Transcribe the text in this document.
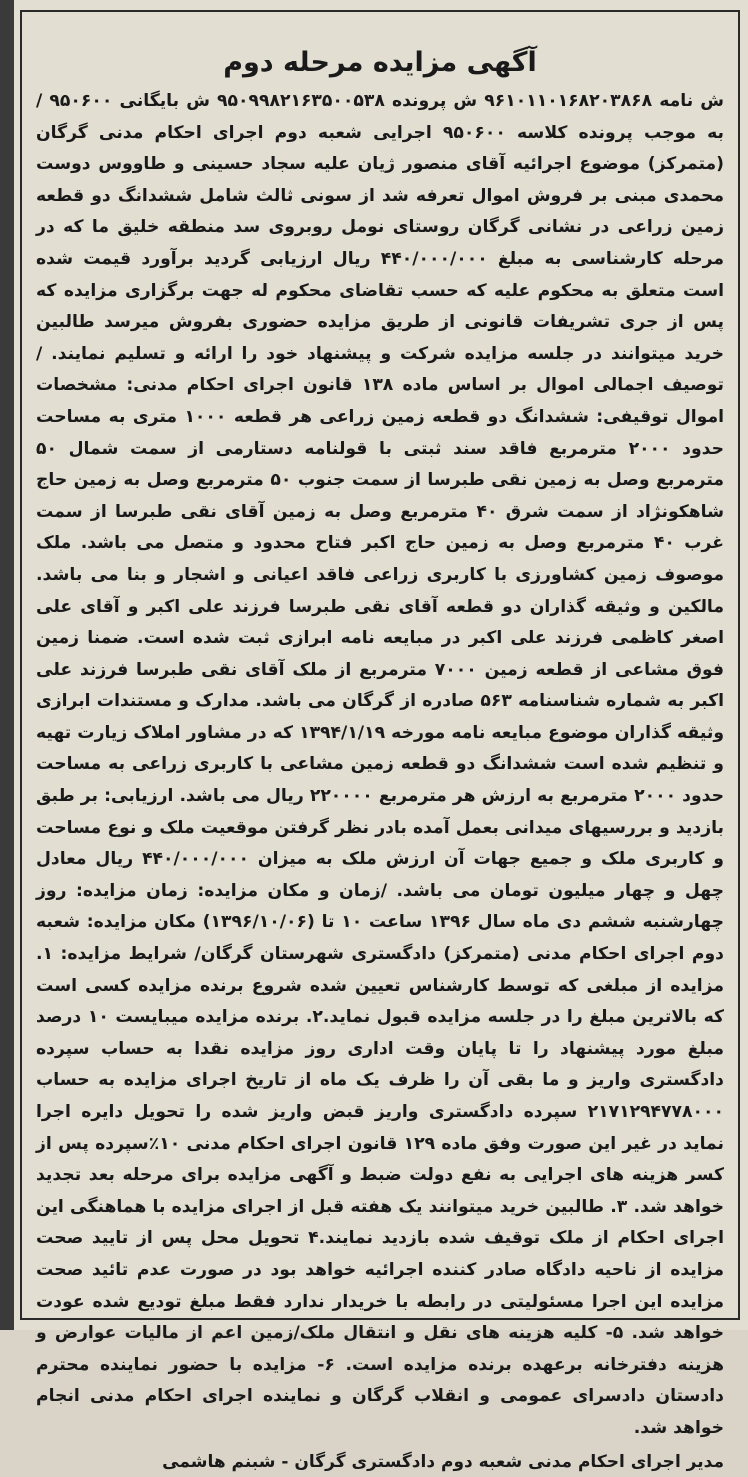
آگهی مزایده مرحله دوم
ش نامه ۹۶۱۰۱۱۰۱۶۸۲۰۳۸۶۸ ش پرونده ۹۵۰۹۹۸۲۱۶۳۵۰۰۵۳۸ ش بایگانی ۹۵۰۶۰۰ / به موجب پرونده کلاسه ۹۵۰۶۰۰ اجرایی شعبه دوم اجرای احکام مدنی گرگان (متمرکز) موضوع اجرائیه آقای منصور ژیان علیه سجاد حسینی و طاووس دوست محمدی مبنی بر فروش اموال تعرفه شد از سونی ثالث شامل ششدانگ دو قطعه زمین زراعی در نشانی گرگان روستای نومل روبروی سد منطقه خلیق ما که در مرحله کارشناسی به مبلغ ۴۴۰/۰۰۰/۰۰۰ ریال ارزیابی گردید برآورد قیمت شده است متعلق به محکوم علیه که حسب تقاضای محکوم له جهت برگزاری مزایده که پس از جری تشریفات قانونی از طریق مزایده حضوری بفروش میرسد طالبین خرید میتوانند در جلسه مزایده شرکت و پیشنهاد خود را ارائه و تسلیم نمایند. / توصیف اجمالی اموال بر اساس ماده ۱۳۸ قانون اجرای احکام مدنی: مشخصات اموال توقیفی: ششدانگ دو قطعه زمین زراعی هر قطعه ۱۰۰۰ متری به مساحت حدود ۲۰۰۰ مترمربع فاقد سند ثبتی با قولنامه دستارمی از سمت شمال ۵۰ مترمربع وصل به زمین نقی طبرسا از سمت جنوب ۵۰ مترمربع وصل به زمین حاج شاهکونژاد از سمت شرق ۴۰ مترمربع وصل به زمین آقای نقی طبرسا از سمت غرب ۴۰ مترمربع وصل به زمین حاج اکبر فتاح محدود و متصل می باشد. ملک موصوف زمین کشاورزی با کاربری زراعی فاقد اعیانی و اشجار و بنا می باشد. مالکین و وثیقه گذاران دو قطعه آقای نقی طبرسا فرزند علی اکبر و آقای علی اصغر کاظمی فرزند علی اکبر در مبایعه نامه ابرازی ثبت شده است. ضمنا زمین فوق مشاعی از قطعه زمین ۷۰۰۰ مترمربع از ملک آقای نقی طبرسا فرزند علی اکبر به شماره شناسنامه ۵۶۳ صادره از گرگان می باشد. مدارک و مستندات ابرازی وثیقه گذاران موضوع مبایعه نامه مورخه ۱۳۹۴/۱/۱۹ که در مشاور املاک زیارت تهیه و تنظیم شده است ششدانگ دو قطعه زمین مشاعی با کاربری زراعی به مساحت حدود ۲۰۰۰ مترمربع به ارزش هر مترمربع ۲۲۰۰۰۰ ریال می باشد. ارزیابی: بر طبق بازدید و بررسیهای میدانی بعمل آمده بادر نظر گرفتن موقعیت ملک و نوع مساحت و کاربری ملک و جمیع جهات آن ارزش ملک به میزان ۴۴۰/۰۰۰/۰۰۰ ریال معادل چهل و چهار میلیون تومان می باشد. /زمان و مکان مزایده: زمان مزایده: روز چهارشنبه ششم دی ماه سال ۱۳۹۶ ساعت ۱۰ تا (۱۳۹۶/۱۰/۰۶) مکان مزایده: شعبه دوم اجرای احکام مدنی (متمرکز) دادگستری شهرستان گرگان/ شرایط مزایده: ۱. مزایده از مبلغی که توسط کارشناس تعیین شده شروع برنده مزایده کسی است که بالاترین مبلغ را در جلسه مزایده قبول نماید.۲. برنده مزایده میبایست ۱۰ درصد مبلغ مورد پیشنهاد را تا پایان وقت اداری روز مزایده نقدا به حساب سپرده دادگستری واریز و ما بقی آن را ظرف یک ماه از تاریخ اجرای مزایده به حساب ۲۱۷۱۲۹۴۷۷۸۰۰۰ سپرده دادگستری واریز قبض واریز شده را تحویل دایره اجرا نماید در غیر این صورت وفق ماده ۱۲۹ قانون اجرای احکام مدنی ۱۰٪سپرده پس از کسر هزینه های اجرایی به نفع دولت ضبط و آگهی مزایده برای مرحله بعد تجدید خواهد شد. ۳. طالبین خرید میتوانند یک هفته قبل از اجرای مزایده با هماهنگی این اجرای احکام از ملک توقیف شده بازدید نمایند.۴ تحویل محل پس از تایید صحت مزایده از ناحیه دادگاه صادر کننده اجرائیه خواهد بود در صورت عدم تائید صحت مزایده این اجرا مسئولیتی در رابطه با خریدار ندارد فقط مبلغ تودیع شده عودت خواهد شد. ۵- کلیه هزینه های نقل و انتقال ملک/زمین اعم از مالیات عوارض و هزینه دفترخانه برعهده برنده مزایده است. ۶- مزایده با حضور نماینده محترم دادستان دادسرای عمومی و انقلاب گرگان و نماینده اجرای احکام مدنی انجام خواهد شد.
مدیر اجرای احکام مدنی شعبه دوم دادگستری گرگان - شبنم هاشمی
